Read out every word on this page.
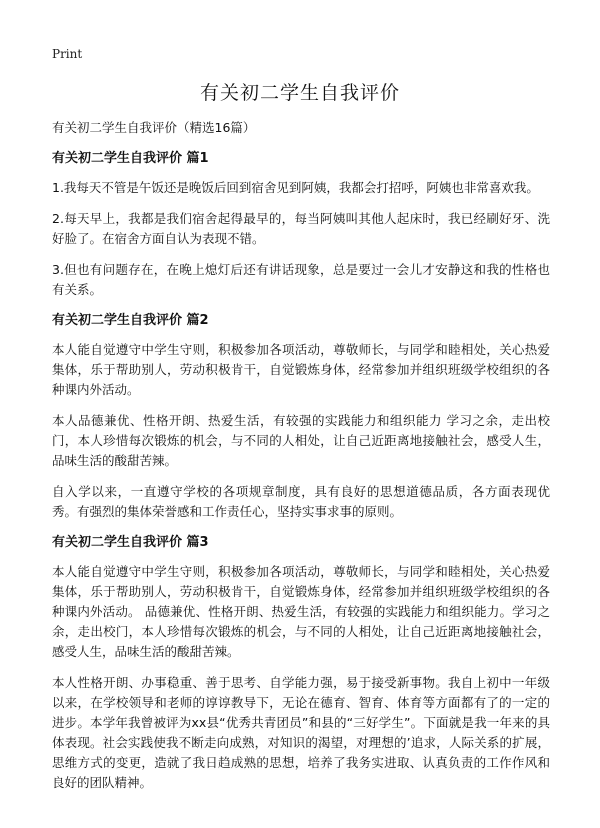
Print
有关初二学生自我评价

有关初二学生自我评价（精选16篇）

有关初二学生自我评价 篇1

1.我每天不管是午饭还是晚饭后回到宿舍见到阿姨，我都会打招呼，阿姨也非常喜欢我。

2.每天早上，我都是我们宿舍起得最早的，每当阿姨叫其他人起床时，我已经刷好牙、洗好脸了。在宿舍方面自认为表现不错。

3.但也有问题存在，在晚上熄灯后还有讲话现象，总是要过一会儿才安静这和我的性格也有关系。

有关初二学生自我评价 篇2

本人能自觉遵守中学生守则，积极参加各项活动，尊敬师长，与同学和睦相处，关心热爱集体，乐于帮助别人，劳动积极肯干，自觉锻炼身体，经常参加并组织班级学校组织的各种课内外活动。

本人品德兼优、性格开朗、热爱生活，有较强的实践能力和组织能力 学习之余，走出校门，本人珍惜每次锻炼的机会，与不同的人相处，让自己近距离地接触社会，感受人生，品味生活的酸甜苦辣。

自入学以来，一直遵守学校的各项规章制度，具有良好的思想道德品质，各方面表现优秀。有强烈的集体荣誉感和工作责任心，坚持实事求事的原则。

有关初二学生自我评价 篇3

本人能自觉遵守中学生守则，积极参加各项活动，尊敬师长，与同学和睦相处，关心热爱集体，乐于帮助别人，劳动积极肯干，自觉锻炼身体，经常参加并组织班级学校组织的各种课内外活动。 品德兼优、性格开朗、热爱生活，有较强的实践能力和组织能力。学习之余，走出校门，本人珍惜每次锻炼的机会，与不同的人相处，让自己近距离地接触社会，感受人生，品味生活的酸甜苦辣。

本人性格开朗、办事稳重、善于思考、自学能力强，易于接受新事物。我自上初中一年级以来，在学校领导和老师的谆谆教导下，无论在德育、智育、体育等方面都有了的一定的进步。本学年我曾被评为xx县“优秀共青团员”和县的“三好学生”。下面就是我一年来的具体表现。社会实践使我不断走向成熟，对知识的渴望，对理想的’追求，人际关系的扩展，思维方式的变更，造就了我日趋成熟的思想，培养了我务实进取、认真负责的工作作风和良好的团队精神。
